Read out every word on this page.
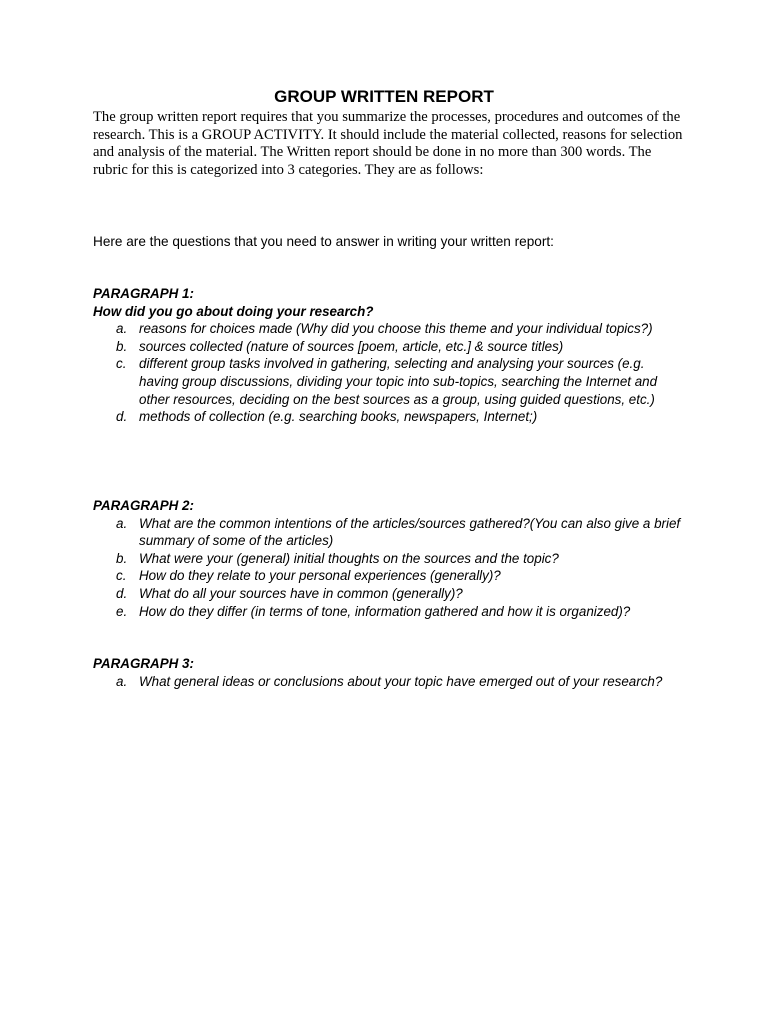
GROUP WRITTEN REPORT

The group written report requires that you summarize the processes, procedures and outcomes of the research. This is a GROUP ACTIVITY. It should include the material collected, reasons for selection and analysis of the material. The Written report should be done in no more than 300 words. The rubric for this is categorized into 3 categories. They are as follows:

Here are the questions that you need to answer in writing your written report:

PARAGRAPH 1:

How did you go about doing your research?

a. reasons for choices made (Why did you choose this theme and your individual topics?)
b. sources collected (nature of sources [poem, article, etc.] & source titles)
c. different group tasks involved in gathering, selecting and analysing your sources (e.g. having group discussions, dividing your topic into sub-topics, searching the Internet and other resources, deciding on the best sources as a group, using guided questions, etc.)
d. methods of collection (e.g. searching books, newspapers, Internet;)

PARAGRAPH 2:

a. What are the common intentions of the articles/sources gathered?(You can also give a brief summary of some of the articles)
b. What were your (general) initial thoughts on the sources and the topic?
c. How do they relate to your personal experiences (generally)?
d. What do all your sources have in common (generally)?
e. How do they differ (in terms of tone, information gathered and how it is organized)?

PARAGRAPH 3:

a. What general ideas or conclusions about your topic have emerged out of your research?
